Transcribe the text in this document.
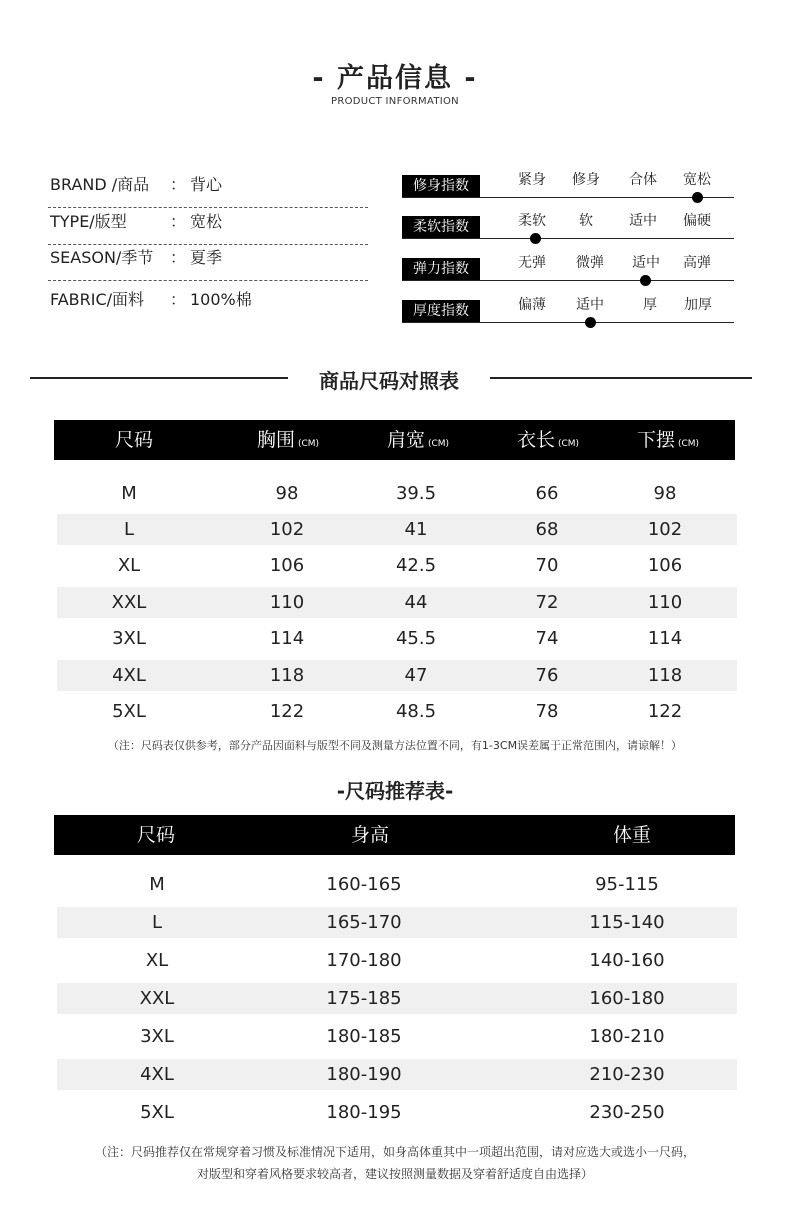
- 产品信息 -
PRODUCT INFORMATION
BRAND /商品 ： 背心
TYPE/版型	： 宽松
SEASON/季节 ： 夏季
FABRIC/面料 ： 100%棉
修身指数	紧身	修身	合体	宽松
柔软指数	柔软	软	适中	偏硬
弹力指数	无弹	微弹	适中	高弹
厚度指数	偏薄	适中	厚	加厚
商品尺码对照表
尺码	胸围 (CM)	肩宽 (CM)	衣长 (CM)	下摆 (CM)
M	98	39.5	66	98
L	102	41	68	102
XL	106	42.5	70	106
XXL	110	44	72	110
3XL	114	45.5	74	114
4XL	118	47	76	118
5XL	122	48.5	78	122
（注：尺码表仅供参考，部分产品因面料与版型不同及测量方法位置不同，有1-3CM误差属于正常范围内，请谅解！）
-尺码推荐表-
尺码	身高	体重
M	160-165	95-115
L	165-170	115-140
XL	170-180	140-160
XXL	175-185	160-180
3XL	180-185	180-210
4XL	180-190	210-230
5XL	180-195	230-250
（注：尺码推荐仅在常规穿着习惯及标准情况下适用，如身高体重其中一项超出范围，请对应选大或选小一尺码，
对版型和穿着风格要求较高者，建议按照测量数据及穿着舒适度自由选择）
